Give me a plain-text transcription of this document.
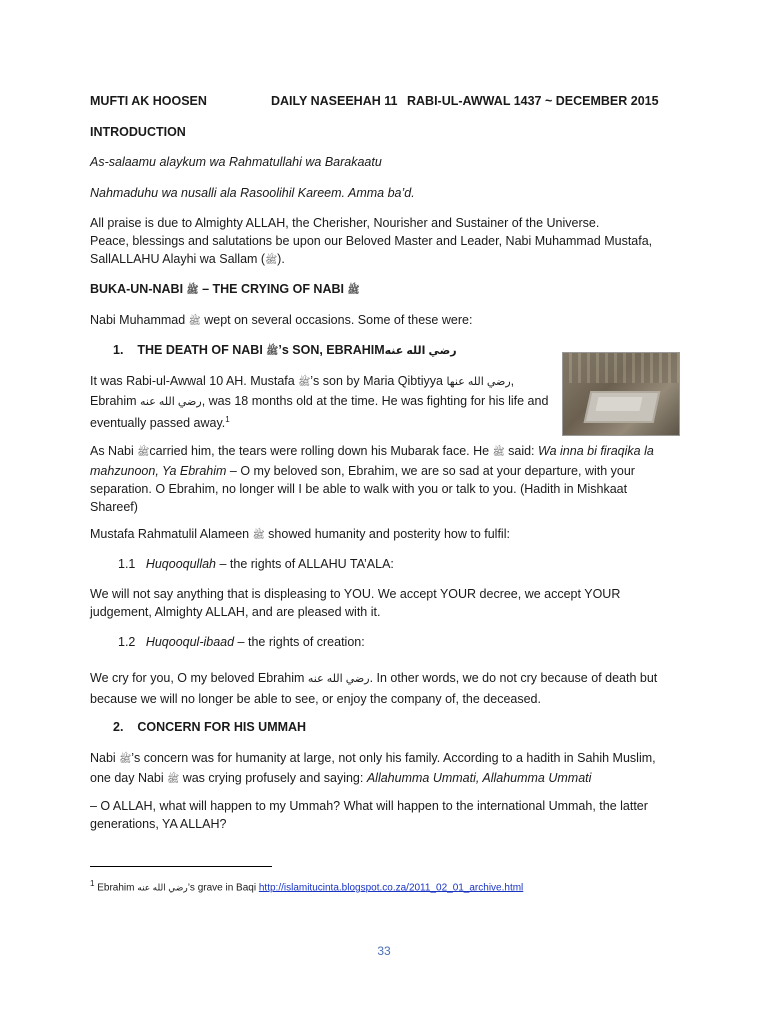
MUFTI AK HOOSEN	DAILY NASEEHAH 11 RABI-UL-AWWAL 1437 ~ DECEMBER 2015
INTRODUCTION
As-salaamu alaykum wa Rahmatullahi wa Barakaatu
Nahmaduhu wa nusalli ala Rasoolihil Kareem. Amma ba’d.
All praise is due to Almighty ALLAH, the Cherisher, Nourisher and Sustainer of the Universe.
Peace, blessings and salutations be upon our Beloved Master and Leader, Nabi Muhammad Mustafa,
SallALLAHU Alayhi wa Sallam (ﷺ).
BUKA-UN-NABI ﷺ – THE CRYING OF NABI ﷺ
Nabi Muhammad ﷺ wept on several occasions. Some of these were:
1. THE DEATH OF NABI ﷺ’s SON, EBRAHIMرضي الله عنه
It was Rabi-ul-Awwal 10 AH. Mustafa ﷺ’s son by Maria Qibtiyya رضي الله عنها,
Ebrahim رضي الله عنه, was 18 months old at the time. He was fighting for his life and
eventually passed away.$^1$
As Nabi ﷺcarried him, the tears were rolling down his Mubarak face. He ﷺ said: Wa inna bi firaqika la
mahzunoon, Ya Ebrahim – O my beloved son, Ebrahim, we are so sad at your departure, with your
separation. O Ebrahim, no longer will I be able to walk with you or talk to you. (Hadith in Mishkaat
Shareef)
Mustafa Rahmatulil Alameen ﷺ showed humanity and posterity how to fulfil:
1.1 Huqooqullah – the rights of ALLAHU TA’ALA:
We will not say anything that is displeasing to YOU. We accept YOUR decree, we accept YOUR
judgement, Almighty ALLAH, and are pleased with it.
1.2 Huqooqul-ibaad – the rights of creation:
We cry for you, O my beloved Ebrahim رضي الله عنه. In other words, we do not cry because of death but
because we will no longer be able to see, or enjoy the company of, the deceased.
2. CONCERN FOR HIS UMMAH
Nabi ﷺ’s concern was for humanity at large, not only his family. According to a hadith in Sahih Muslim,
one day Nabi ﷺ was crying profusely and saying: Allahumma Ummati, Allahumma Ummati
– O ALLAH, what will happen to my Ummah? What will happen to the international Ummah, the latter
generations, YA ALLAH?
$^1$ Ebrahim رضي الله عنه’s grave in Baqi http://islamitucinta.blogspot.co.za/2011_02_01_archive.html
33
